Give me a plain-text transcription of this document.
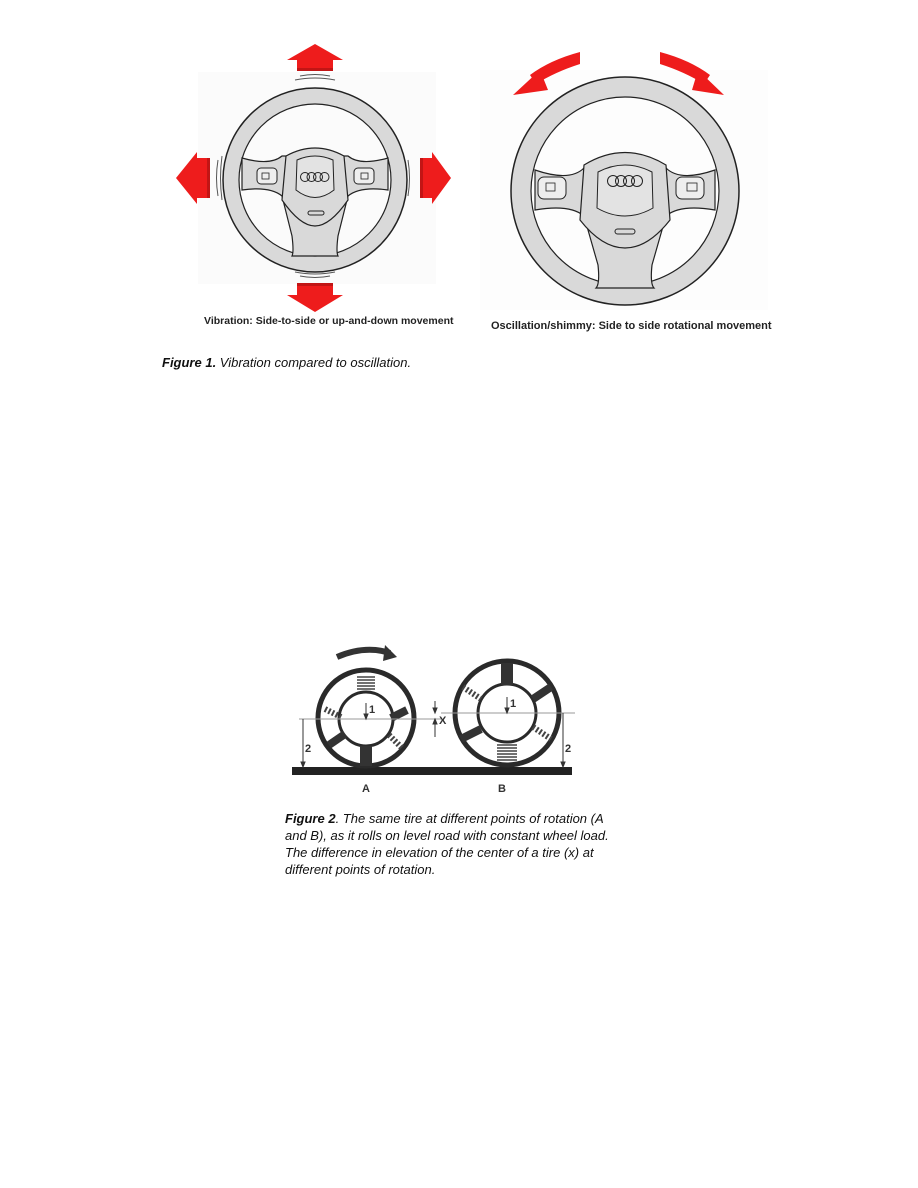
Vibration: Side-to-side or up-and-down movement	Oscillation/shimmy: Side to side rotational movement
Figure 1. Vibration compared to oscillation.
1	1
2	2
X
A	B
Figure 2. The same tire at different points of rotation (A
and B), as it rolls on level road with constant wheel load.
The difference in elevation of the center of a tire (x) at
different points of rotation.
